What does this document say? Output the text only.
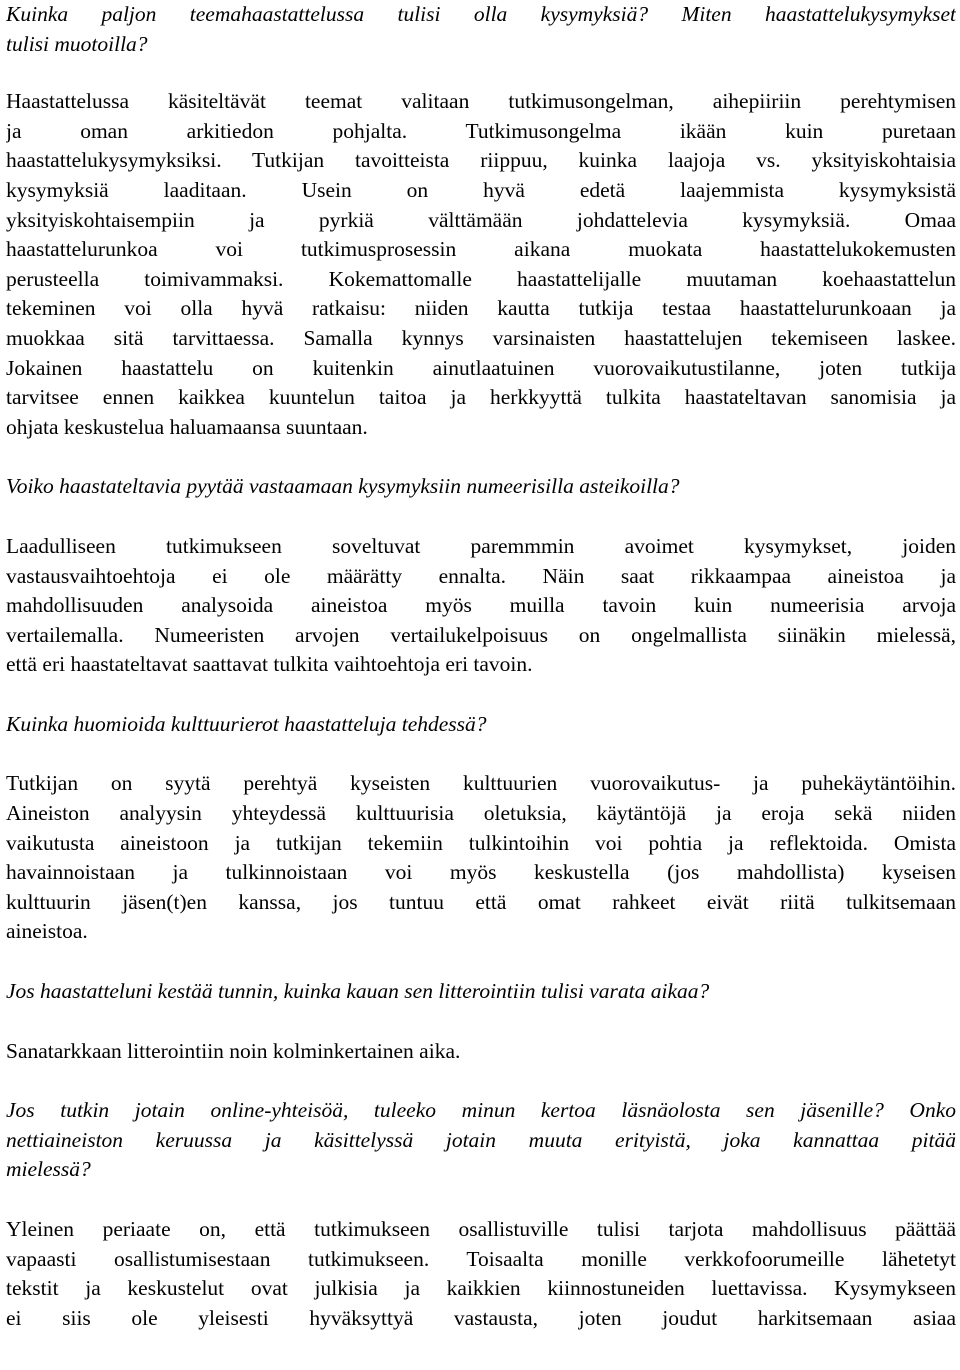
Kuinka paljon teemahaastattelussa tulisi olla kysymyksiä? Miten haastattelukysymykset
tulisi muotoilla?
Haastattelussa käsiteltävät teemat valitaan tutkimusongelman, aihepiiriin perehtymisen
ja oman arkitiedon pohjalta. Tutkimusongelma ikään kuin puretaan
haastattelukysymyksiksi. Tutkijan tavoitteista riippuu, kuinka laajoja vs. yksityiskohtaisia
kysymyksiä laaditaan. Usein on hyvä edetä laajemmista kysymyksistä
yksityiskohtaisempiin ja pyrkiä välttämään johdattelevia kysymyksiä. Omaa
haastattelurunkoa voi tutkimusprosessin aikana muokata haastattelukokemusten
perusteella toimivammaksi. Kokemattomalle haastattelijalle muutaman koehaastattelun
tekeminen voi olla hyvä ratkaisu: niiden kautta tutkija testaa haastattelurunkoaan ja
muokkaa sitä tarvittaessa. Samalla kynnys varsinaisten haastattelujen tekemiseen laskee.
Jokainen haastattelu on kuitenkin ainutlaatuinen vuorovaikutustilanne, joten tutkija
tarvitsee ennen kaikkea kuuntelun taitoa ja herkkyyttä tulkita haastateltavan sanomisia ja
ohjata keskustelua haluamaansa suuntaan.
Voiko haastateltavia pyytää vastaamaan kysymyksiin numeerisilla asteikoilla?
Laadulliseen tutkimukseen soveltuvat paremmmin avoimet kysymykset, joiden
vastausvaihtoehtoja ei ole määrätty ennalta. Näin saat rikkaampaa aineistoa ja
mahdollisuuden analysoida aineistoa myös muilla tavoin kuin numeerisia arvoja
vertailemalla. Numeeristen arvojen vertailukelpoisuus on ongelmallista siinäkin mielessä,
että eri haastateltavat saattavat tulkita vaihtoehtoja eri tavoin.
Kuinka huomioida kulttuurierot haastatteluja tehdessä?
Tutkijan on syytä perehtyä kyseisten kulttuurien vuorovaikutus- ja puhekäytäntöihin.
Aineiston analyysin yhteydessä kulttuurisia oletuksia, käytäntöjä ja eroja sekä niiden
vaikutusta aineistoon ja tutkijan tekemiin tulkintoihin voi pohtia ja reflektoida. Omista
havainnoistaan ja tulkinnoistaan voi myös keskustella (jos mahdollista) kyseisen
kulttuurin jäsen(t)en kanssa, jos tuntuu että omat rahkeet eivät riitä tulkitsemaan
aineistoa.
Jos haastatteluni kestää tunnin, kuinka kauan sen litterointiin tulisi varata aikaa?
Sanatarkkaan litterointiin noin kolminkertainen aika.
Jos tutkin jotain online-yhteisöä, tuleeko minun kertoa läsnäolosta sen jäsenille? Onko
nettiaineiston keruussa ja käsittelyssä jotain muuta erityistä, joka kannattaa pitää
mielessä?
Yleinen periaate on, että tutkimukseen osallistuville tulisi tarjota mahdollisuus päättää
vapaasti osallistumisestaan tutkimukseen. Toisaalta monille verkkofoorumeille lähetetyt
tekstit ja keskustelut ovat julkisia ja kaikkien kiinnostuneiden luettavissa. Kysymykseen
ei siis ole yleisesti hyväksyttyä vastausta, joten joudut harkitsemaan asiaa
